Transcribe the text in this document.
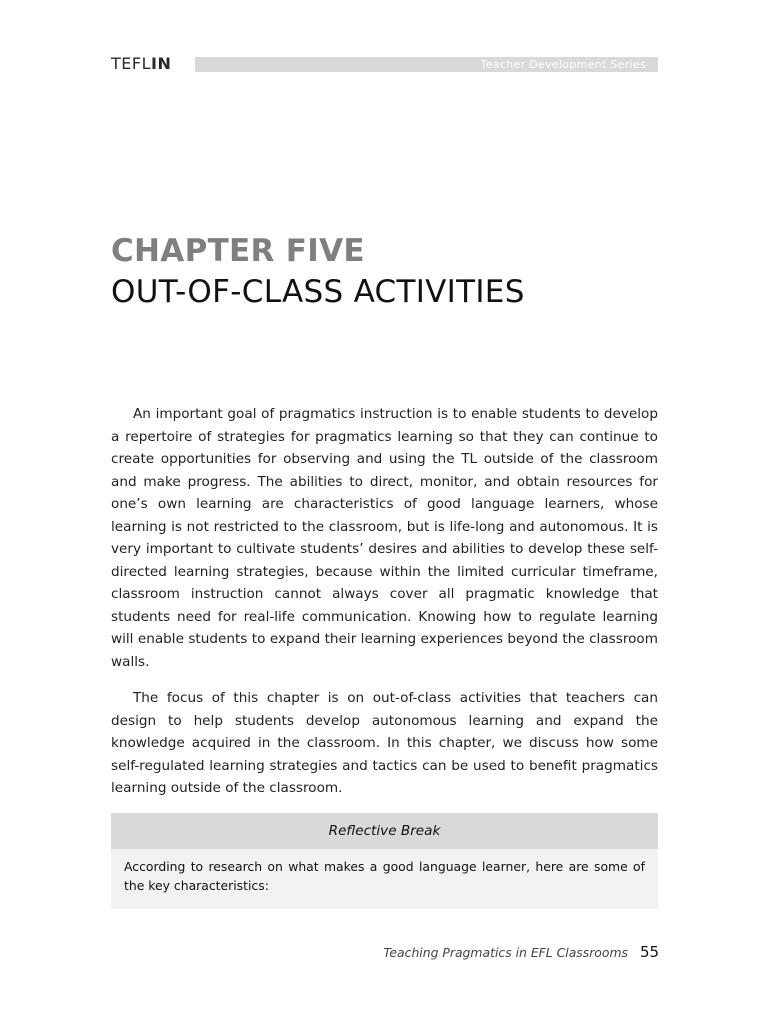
TEFLIN	Teacher Development Series
CHAPTER FIVE
OUT-OF-CLASS ACTIVITIES

An important goal of pragmatics instruction is to enable students to develop a repertoire of strategies for pragmatics learning so that they can continue to create opportunities for observing and using the TL outside of the classroom and make progress. The abilities to direct, monitor, and obtain resources for one’s own learning are characteristics of good language learners, whose learning is not restricted to the classroom, but is life-long and autonomous. It is very important to cultivate students’ desires and abilities to develop these self-directed learning strategies, because within the limited curricular timeframe, classroom instruction cannot always cover all pragmatic knowledge that students need for real-life communication. Knowing how to regulate learning will enable students to expand their learning experiences beyond the classroom walls.

The focus of this chapter is on out-of-class activities that teachers can design to help students develop autonomous learning and expand the knowledge acquired in the classroom. In this chapter, we discuss how some self-regulated learning strategies and tactics can be used to benefit pragmatics learning outside of the classroom.

Reflective Break
According to research on what makes a good language learner, here are some of the key characteristics:
Teaching Pragmatics in EFL Classrooms 55
